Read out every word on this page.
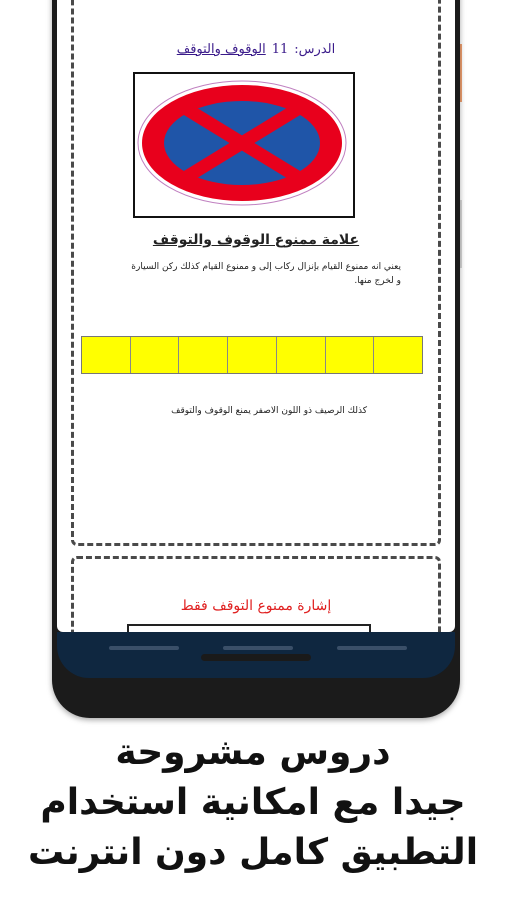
الدرس:11الوقوف والتوقف
علامة ممنوع الوقوف والتوقف
يعني انه ممنوع القيام بإنزال ركاب إلى و ممنوع القيام كذلك ركن السيارة
و لخرج منها.
كذلك الرصيف ذو اللون الاصفر يمنع الوقوف والتوقف
إشارة ممنوع التوقف فقط
دروس مشروحة
جيدا مع امكانية استخدام
التطبيق كامل دون انترنت
